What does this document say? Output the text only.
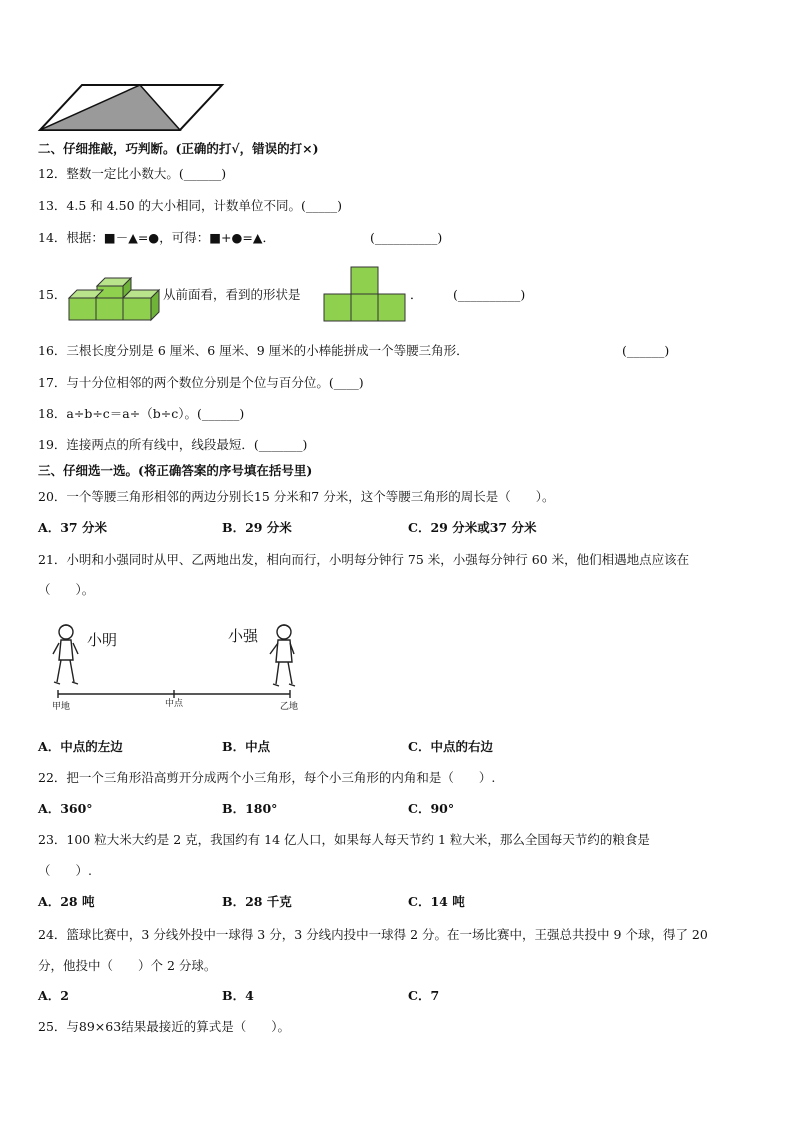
二、仔细推敲，巧判断。(正确的打√，错误的打×)
12．整数一定比小数大。(______)
13．4.5 和 4.50 的大小相同，计数单位不同。(_____)
14．根据：■－▲=●，可得：■+●=▲．	(__________)
15．	从前面看，看到的形状是	． (__________)
16．三根长度分别是 6 厘米、6 厘米、9 厘米的小棒能拼成一个等腰三角形．	(______)
17．与十分位相邻的两个数位分别是个位与百分位。(____)
18．a÷b÷c＝a÷（b÷c）。(______)
19．连接两点的所有线中，线段最短．(_______)
三、仔细选一选。(将正确答案的序号填在括号里)
20．一个等腰三角形相邻的两边分别长15 分米和7 分米，这个等腰三角形的周长是（　　）。
A．37 分米	B．29 分米	C．29 分米或37 分米
21．小明和小强同时从甲、乙两地出发，相向而行，小明每分钟行 75 米，小强每分钟行 60 米，他们相遇地点应该在
（　　）。
小明	小强
甲地	中点	乙地
A．中点的左边	B．中点	C．中点的右边
22．把一个三角形沿高剪开分成两个小三角形，每个小三角形的内角和是（　　）.
A．360°	B．180°	C．90°
23．100 粒大米大约是 2 克，我国约有 14 亿人口，如果每人每天节约 1 粒大米，那么全国每天节约的粮食是
（　　）.
A．28 吨	B．28 千克	C．14 吨
24．篮球比赛中，3 分线外投中一球得 3 分，3 分线内投中一球得 2 分。在一场比赛中，王强总共投中 9 个球，得了 20
分，他投中（　　）个 2 分球。
A．2	B．4	C．7
25．与89×63结果最接近的算式是（　　）。
